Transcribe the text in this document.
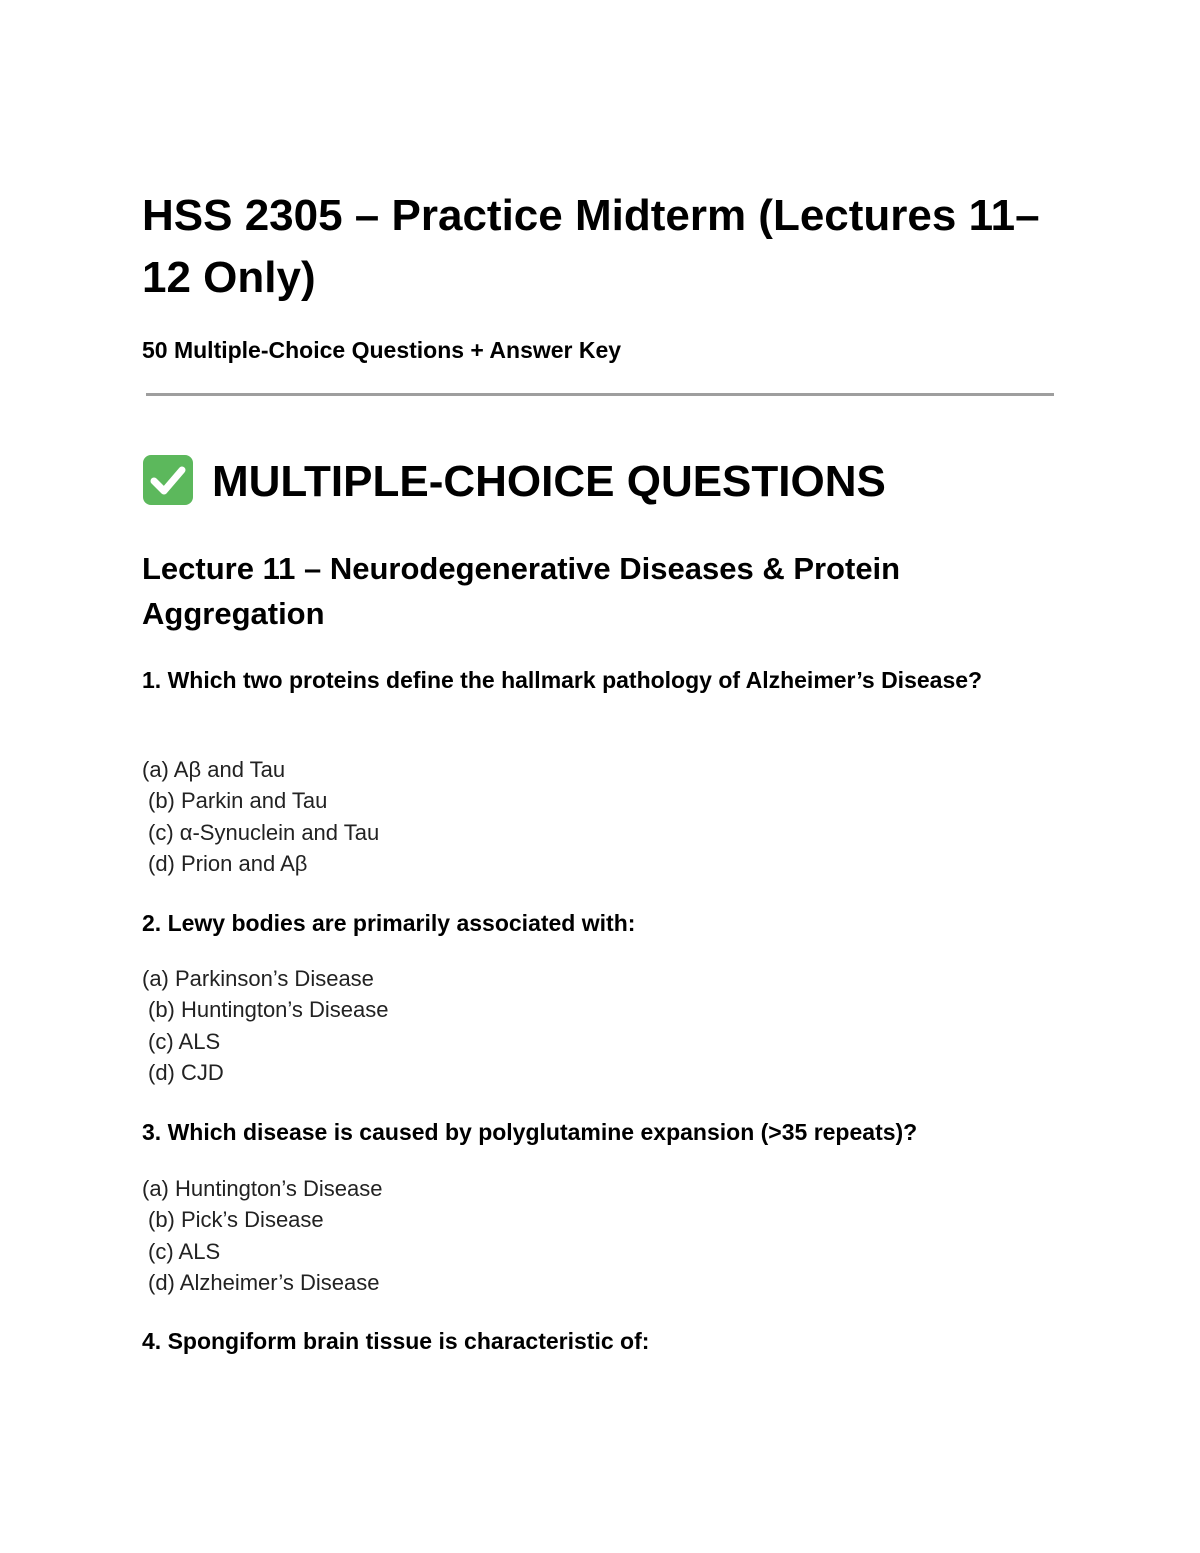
HSS 2305 – Practice Midterm (Lectures 11–12 Only)

50 Multiple-Choice Questions + Answer Key

MULTIPLE-CHOICE QUESTIONS
Lecture 11 – Neurodegenerative Diseases & Protein Aggregation

1. Which two proteins define the hallmark pathology of Alzheimer’s Disease?

(a) Aβ and Tau
(b) Parkin and Tau
(c) α-Synuclein and Tau
(d) Prion and Aβ

2. Lewy bodies are primarily associated with:

(a) Parkinson’s Disease
(b) Huntington’s Disease
(c) ALS
(d) CJD

3. Which disease is caused by polyglutamine expansion (>35 repeats)?

(a) Huntington’s Disease
(b) Pick’s Disease
(c) ALS
(d) Alzheimer’s Disease

4. Spongiform brain tissue is characteristic of:
